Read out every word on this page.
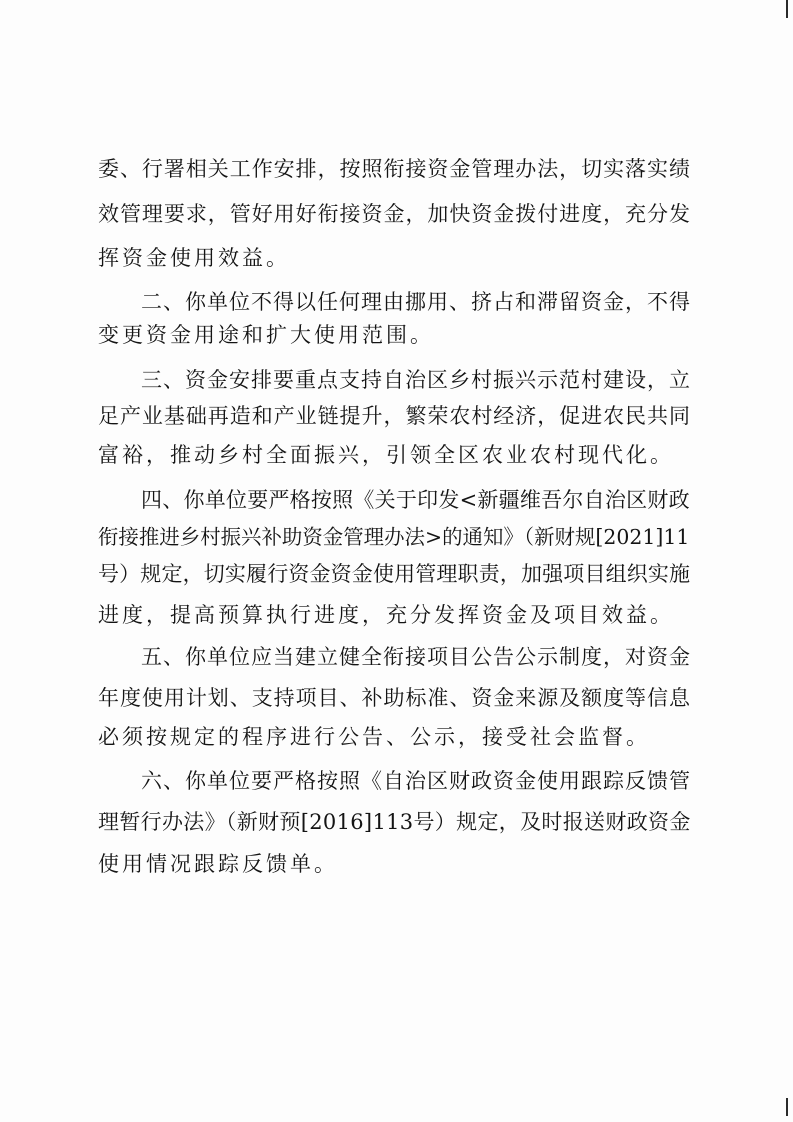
委、行署相关工作安排，按照衔接资金管理办法，切实落实绩
效管理要求，管好用好衔接资金，加快资金拨付进度，充分发
挥资金使用效益。
二、你单位不得以任何理由挪用、挤占和滞留资金，不得
变更资金用途和扩大使用范围。
三、资金安排要重点支持自治区乡村振兴示范村建设，立
足产业基础再造和产业链提升，繁荣农村经济，促进农民共同
富裕，推动乡村全面振兴，引领全区农业农村现代化。
四、你单位要严格按照《关于印发<新疆维吾尔自治区财政
衔接推进乡村振兴补助资金管理办法>的通知》（新财规[2021]11
号）规定，切实履行资金资金使用管理职责，加强项目组织实施
进度，提高预算执行进度，充分发挥资金及项目效益。
五、你单位应当建立健全衔接项目公告公示制度，对资金
年度使用计划、支持项目、补助标准、资金来源及额度等信息
必须按规定的程序进行公告、公示，接受社会监督。
六、你单位要严格按照《自治区财政资金使用跟踪反馈管
理暂行办法》（新财预[2016]113号）规定，及时报送财政资金
使用情况跟踪反馈单。
